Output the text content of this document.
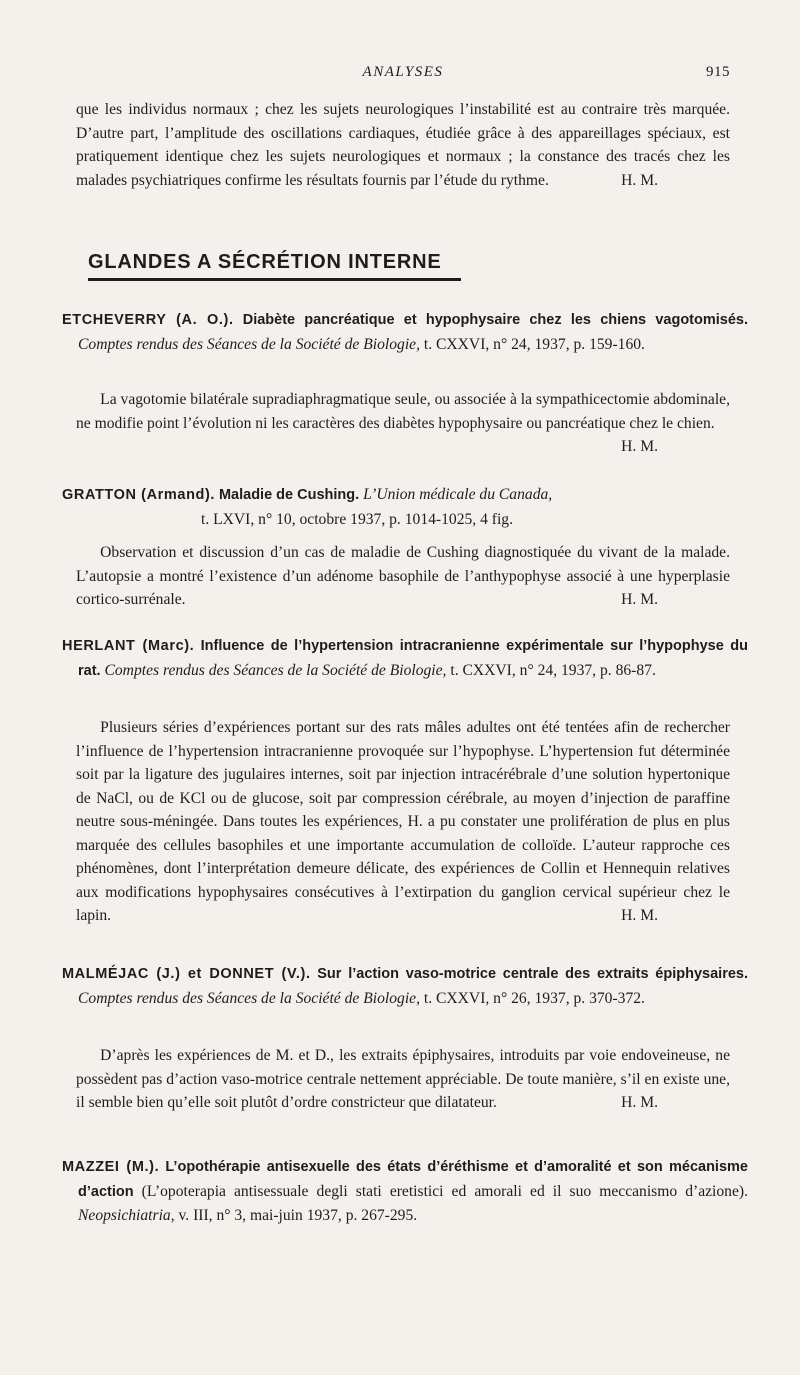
ANALYSES	915

que les individus normaux ; chez les sujets neurologiques l’instabilité est au contraire très marquée. D’autre part, l’amplitude des oscillations cardiaques, étudiée grâce à des appareillages spéciaux, est pratiquement identique chez les sujets neurologiques et normaux ; la constance des tracés chez les malades psychiatriques confirme les résultats fournis par l’étude du rythme.	H. M.

GLANDES A SÉCRÉTION INTERNE

ETCHEVERRY (A. O.). Diabète pancréatique et hypophysaire chez les chiens vagotomisés. Comptes rendus des Séances de la Société de Biologie, t. CXXVI, n° 24, 1937, p. 159-160.

La vagotomie bilatérale supradiaphragmatique seule, ou associée à la sympathicectomie abdominale, ne modifie point l’évolution ni les caractères des diabètes hypophysaire ou pancréatique chez le chien.
H. M.

GRATTON (Armand). Maladie de Cushing. L’Union médicale du Canada,
t. LXVI, n° 10, octobre 1937, p. 1014-1025, 4 fig.

Observation et discussion d’un cas de maladie de Cushing diagnostiquée du vivant de la malade. L’autopsie a montré l’existence d’un adénome basophile de l’anthypophyse associé à une hyperplasie cortico-surrénale.	H. M.

HERLANT (Marc). Influence de l’hypertension intracranienne expérimentale sur l’hypophyse du rat. Comptes rendus des Séances de la Société de Biologie, t. CXXVI, n° 24, 1937, p. 86-87.

Plusieurs séries d’expériences portant sur des rats mâles adultes ont été tentées afin de rechercher l’influence de l’hypertension intracranienne provoquée sur l’hypophyse. L’hypertension fut déterminée soit par la ligature des jugulaires internes, soit par injection intracérébrale d’une solution hypertonique de NaCl, ou de KCl ou de glucose, soit par compression cérébrale, au moyen d’injection de paraffine neutre sous-méningée. Dans toutes les expériences, H. a pu constater une prolifération de plus en plus marquée des cellules basophiles et une importante accumulation de colloïde. L’auteur rapproche ces phénomènes, dont l’interprétation demeure délicate, des expériences de Collin et Hennequin relatives aux modifications hypophysaires consécutives à l’extirpation du ganglion cervical supérieur chez le lapin.	H. M.

MALMÉJAC (J.) et DONNET (V.). Sur l’action vaso-motrice centrale des extraits épiphysaires. Comptes rendus des Séances de la Société de Biologie, t. CXXVI, n° 26, 1937, p. 370-372.

D’après les expériences de M. et D., les extraits épiphysaires, introduits par voie endoveineuse, ne possèdent pas d’action vaso-motrice centrale nettement appréciable. De toute manière, s’il en existe une, il semble bien qu’elle soit plutôt d’ordre constricteur que dilatateur.	H. M.

MAZZEI (M.). L’opothérapie antisexuelle des états d’éréthisme et d’amoralité et son mécanisme d’action (L’opoterapia antisessuale degli stati eretistici ed amorali ed il suo meccanismo d’azione). Neopsichiatria, v. III, n° 3, mai-juin 1937, p. 267-295.
